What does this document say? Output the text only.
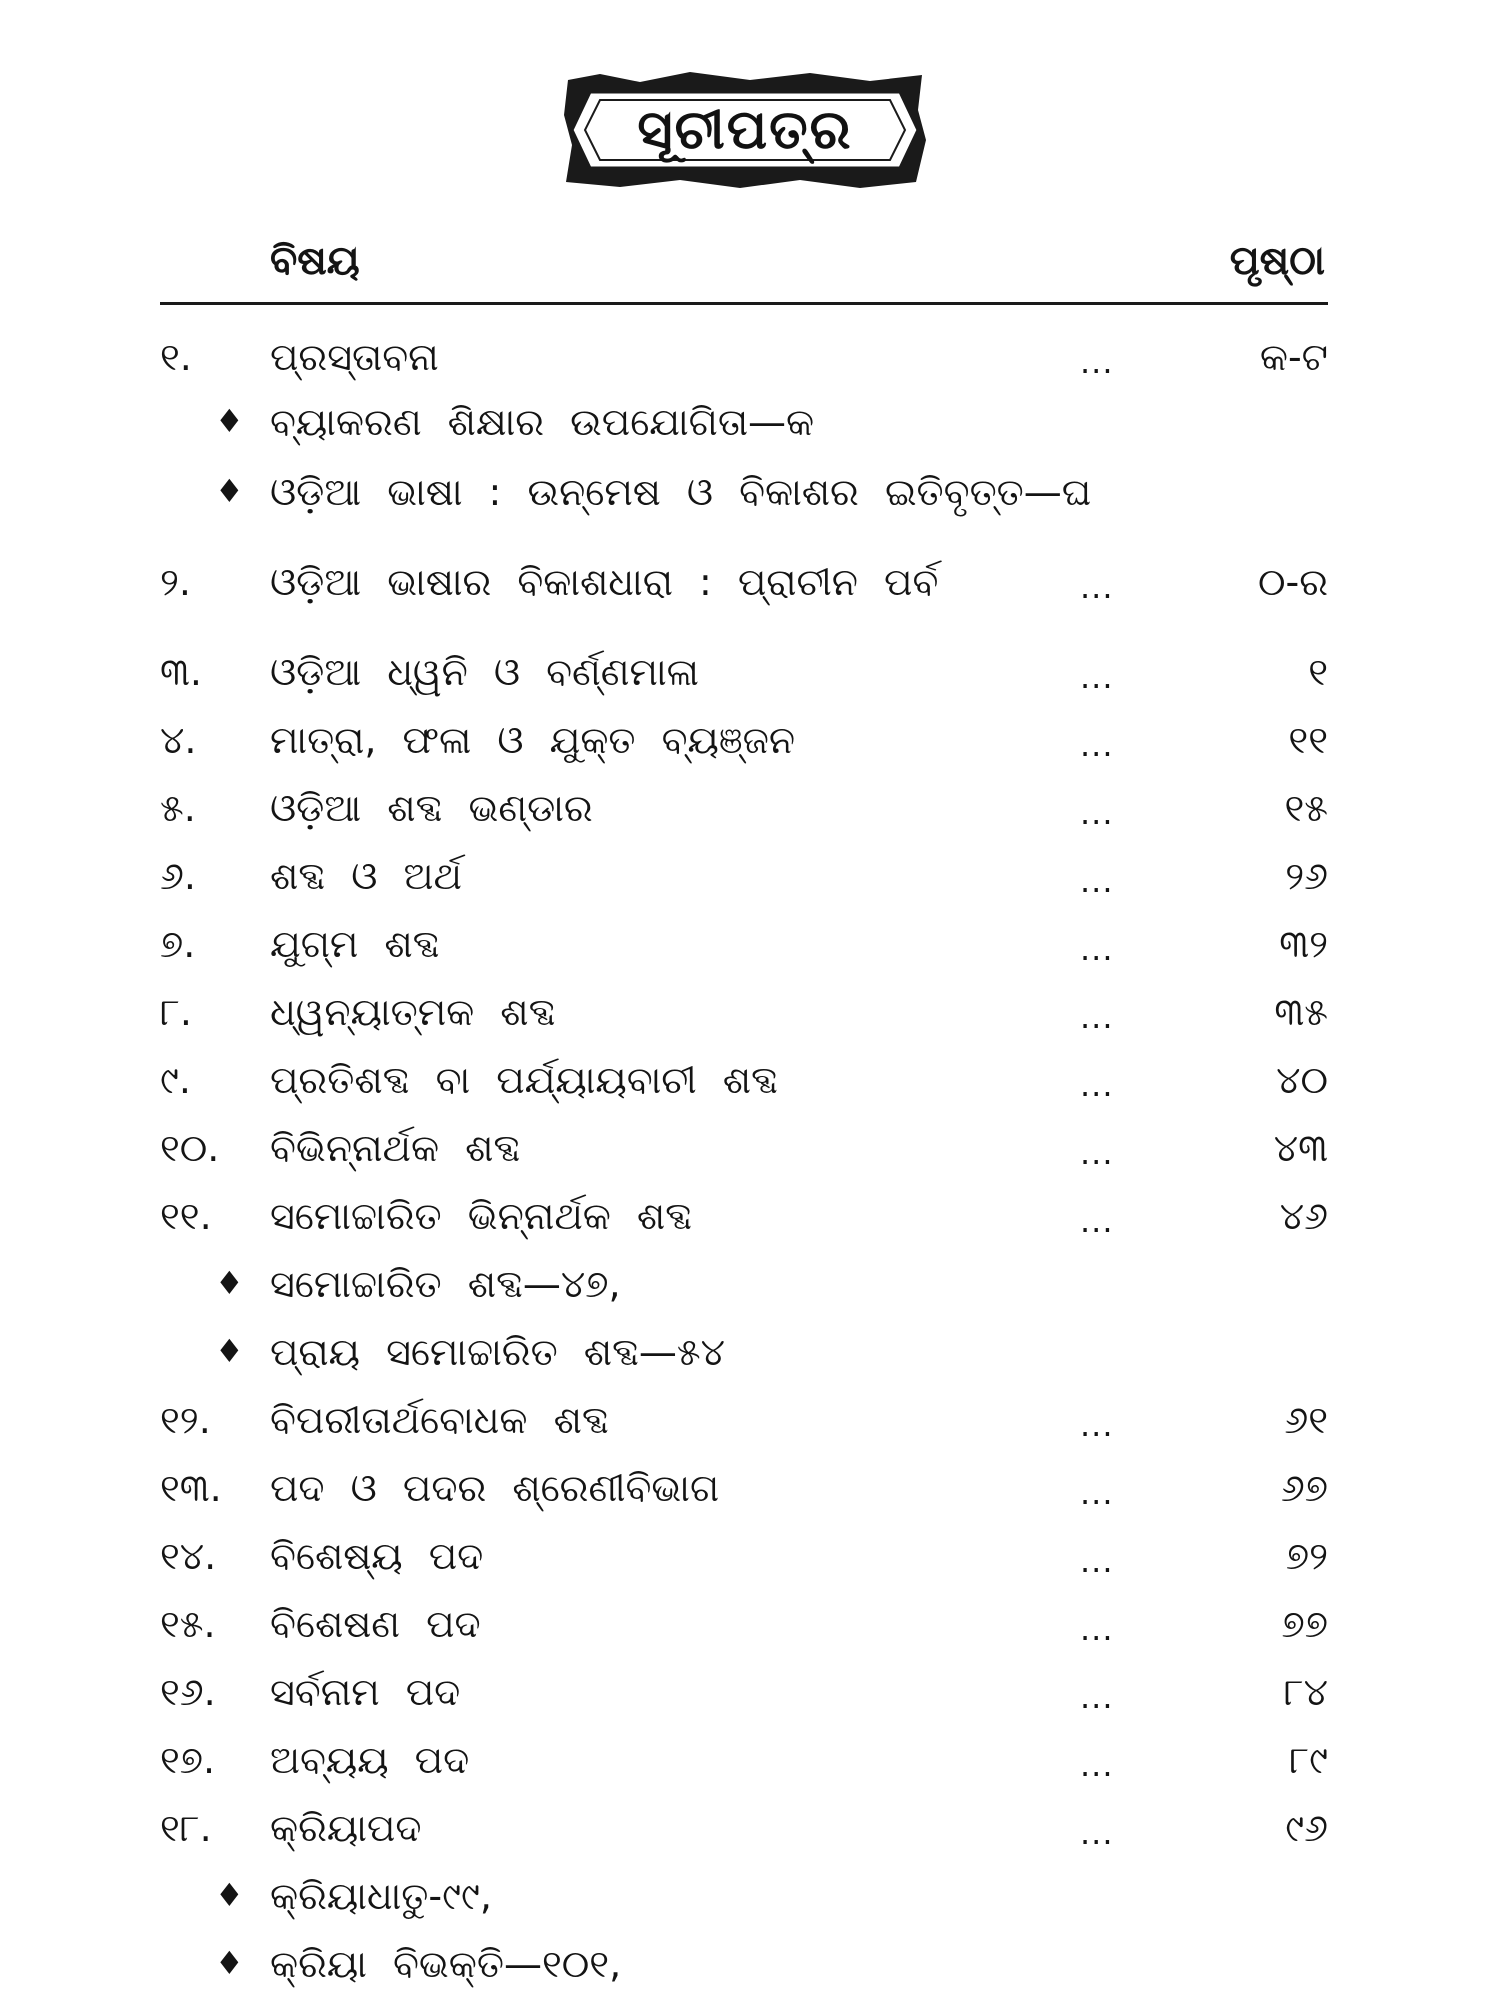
ସୂଚୀପତ୍ର
ବିଷୟ	ପୃଷ୍ଠା
୧. ପ୍ରସ୍ତାବନା	...	କ-ଟ
♦ ବ୍ୟାକରଣ ଶିକ୍ଷାର ଉପଯୋଗିତା—କ
♦ ଓଡ଼ିଆ ଭାଷା : ଉନ୍ମେଷ ଓ ବିକାଶର ଇତିବୃତ୍ତ—ଘ
୨. ଓଡ଼ିଆ ଭାଷାର ବିକାଶଧାରା : ପ୍ରାଚୀନ ପର୍ବ	...	୦-ର
୩. ଓଡ଼ିଆ ଧ୍ୱନି ଓ ବର୍ଣ୍ଣମାଳା	...	୧
୪. ମାତ୍ରା, ଫଳା ଓ ଯୁକ୍ତ ବ୍ୟଞ୍ଜନ	...	୧୧
୫. ଓଡ଼ିଆ ଶବ୍ଦ ଭଣ୍ଡାର	...	୧୫
୬. ଶବ୍ଦ ଓ ଅର୍ଥ	...	୨୬
୭. ଯୁଗ୍ମ ଶବ୍ଦ	...	୩୨
୮. ଧ୍ୱନ୍ୟାତ୍ମକ ଶବ୍ଦ	...	୩୫
୯. ପ୍ରତିଶବ୍ଦ ବା ପର୍ଯ୍ୟାୟବାଚୀ ଶବ୍ଦ	...	୪୦
୧୦. ବିଭିନ୍ନାର୍ଥକ ଶବ୍ଦ	...	୪୩
୧୧. ସମୋଚ୍ଚାରିତ ଭିନ୍ନାର୍ଥକ ଶବ୍ଦ	...	୪୬
♦ ସମୋଚ୍ଚାରିତ ଶବ୍ଦ—୪୭,
♦ ପ୍ରାୟ ସମୋଚ୍ଚାରିତ ଶବ୍ଦ—୫୪
୧୨. ବିପରୀତାର୍ଥବୋଧକ ଶବ୍ଦ	...	୬୧
୧୩. ପଦ ଓ ପଦର ଶ୍ରେଣୀବିଭାଗ	...	୬୭
୧୪. ବିଶେଷ୍ୟ ପଦ	...	୭୨
୧୫. ବିଶେଷଣ ପଦ	...	୭୭
୧୬. ସର୍ବନାମ ପଦ	...	୮୪
୧୭. ଅବ୍ୟୟ ପଦ	...	୮୯
୧୮. କ୍ରିୟାପଦ	...	୯୬
♦ କ୍ରିୟାଧାତୁ-୯୯,
♦ କ୍ରିୟା ବିଭକ୍ତି—୧୦୧,
